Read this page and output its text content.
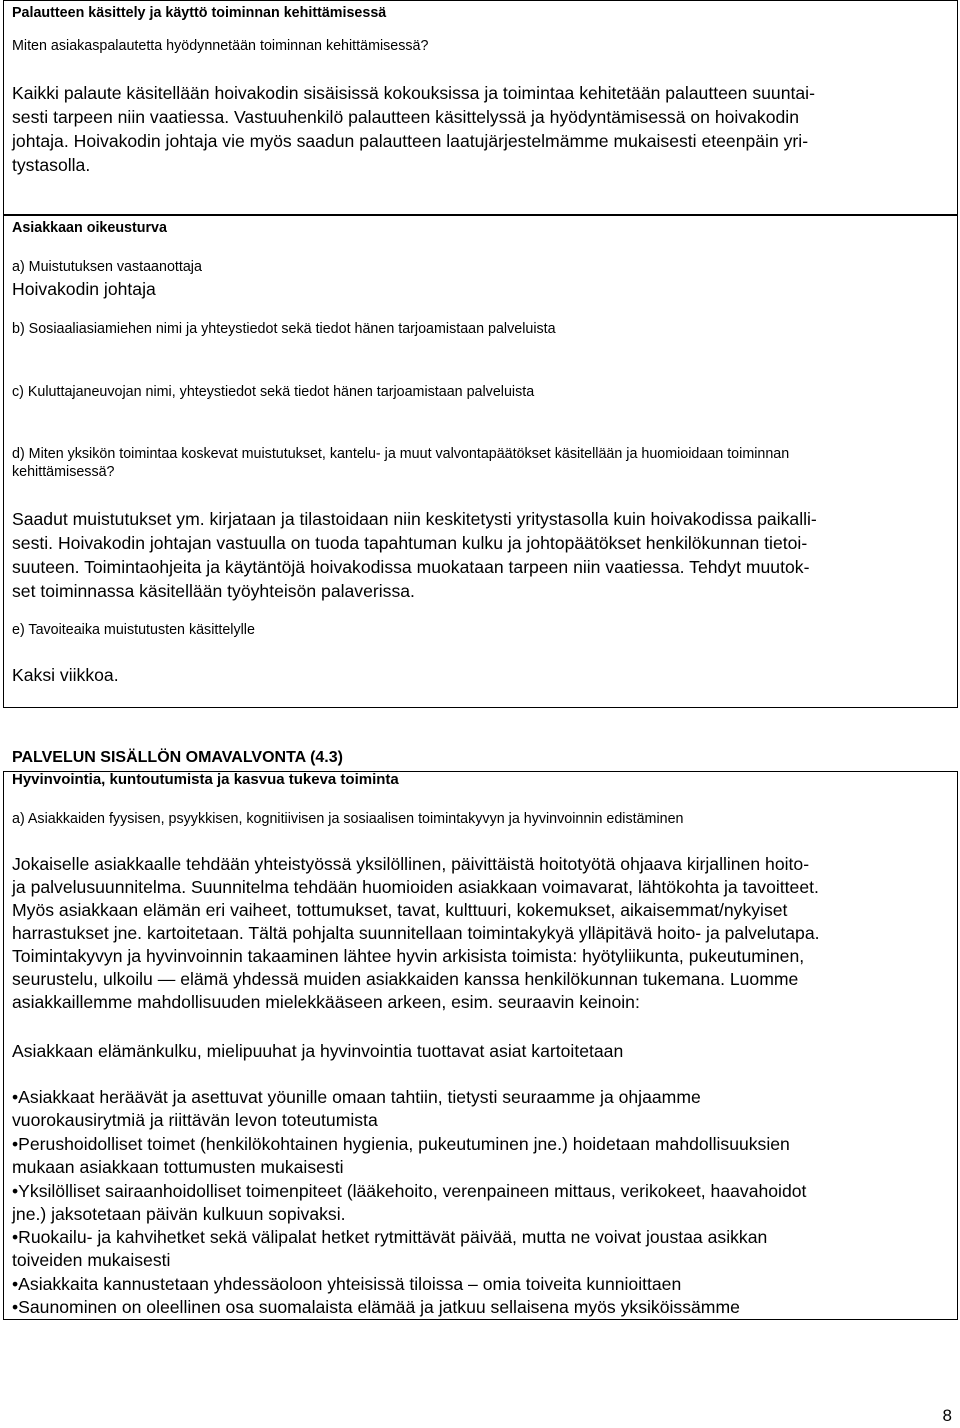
Palautteen käsittely ja käyttö toiminnan kehittämisessä

Miten asiakaspalautetta hyödynnetään toiminnan kehittämisessä?

Kaikki palaute käsitellään hoivakodin sisäisissä kokouksissa ja toimintaa kehitetään palautteen suuntai-

sesti tarpeen niin vaatiessa. Vastuuhenkilö palautteen käsittelyssä ja hyödyntämisessä on hoivakodin

johtaja. Hoivakodin johtaja vie myös saadun palautteen laatujärjestelmämme mukaisesti eteenpäin yri-

tystasolla.

Asiakkaan oikeusturva

a) Muistutuksen vastaanottaja

Hoivakodin johtaja

b) Sosiaaliasiamiehen nimi ja yhteystiedot sekä tiedot hänen tarjoamistaan palveluista

c) Kuluttajaneuvojan nimi, yhteystiedot sekä tiedot hänen tarjoamistaan palveluista

d) Miten yksikön toimintaa koskevat muistutukset, kantelu- ja muut valvontapäätökset käsitellään ja huomioidaan toiminnan

kehittämisessä?

Saadut muistutukset ym. kirjataan ja tilastoidaan niin keskitetysti yritystasolla kuin hoivakodissa paikalli-

sesti. Hoivakodin johtajan vastuulla on tuoda tapahtuman kulku ja johtopäätökset henkilökunnan tietoi-

suuteen. Toimintaohjeita ja käytäntöjä hoivakodissa muokataan tarpeen niin vaatiessa. Tehdyt muutok-

set toiminnassa käsitellään työyhteisön palaverissa.

e) Tavoiteaika muistutusten käsittelylle

Kaksi viikkoa.

PALVELUN SISÄLLÖN OMAVALVONTA (4.3)

Hyvinvointia, kuntoutumista ja kasvua tukeva toiminta

a) Asiakkaiden fyysisen, psyykkisen, kognitiivisen ja sosiaalisen toimintakyvyn ja hyvinvoinnin edistäminen

Jokaiselle asiakkaalle tehdään yhteistyössä yksilöllinen, päivittäistä hoitotyötä ohjaava kirjallinen hoito-

ja palvelusuunnitelma. Suunnitelma tehdään huomioiden asiakkaan voimavarat, lähtökohta ja tavoitteet.

Myös asiakkaan elämän eri vaiheet, tottumukset, tavat, kulttuuri, kokemukset, aikaisemmat/nykyiset

harrastukset jne. kartoitetaan. Tältä pohjalta suunnitellaan toimintakykyä ylläpitävä hoito- ja palvelutapa.

Toimintakyvyn ja hyvinvoinnin takaaminen lähtee hyvin arkisista toimista: hyötyliikunta, pukeutuminen,

seurustelu, ulkoilu — elämä yhdessä muiden asiakkaiden kanssa henkilökunnan tukemana. Luomme

asiakkaillemme mahdollisuuden mielekkääseen arkeen, esim. seuraavin keinoin:

Asiakkaan elämänkulku, mielipuuhat ja hyvinvointia tuottavat asiat kartoitetaan

•Asiakkaat heräävät ja asettuvat yöunille omaan tahtiin, tietysti seuraamme ja ohjaamme

vuorokausirytmiä ja riittävän levon toteutumista

•Perushoidolliset toimet (henkilökohtainen hygienia, pukeutuminen jne.) hoidetaan mahdollisuuksien

mukaan asiakkaan tottumusten mukaisesti

•Yksilölliset sairaanhoidolliset toimenpiteet (lääkehoito, verenpaineen mittaus, verikokeet, haavahoidot

jne.) jaksotetaan päivän kulkuun sopivaksi.

•Ruokailu- ja kahvihetket sekä välipalat hetket rytmittävät päivää, mutta ne voivat joustaa asikkan

toiveiden mukaisesti

•Asiakkaita kannustetaan yhdessäoloon yhteisissä tiloissa – omia toiveita kunnioittaen

•Saunominen on oleellinen osa suomalaista elämää ja jatkuu sellaisena myös yksiköissämme

8
